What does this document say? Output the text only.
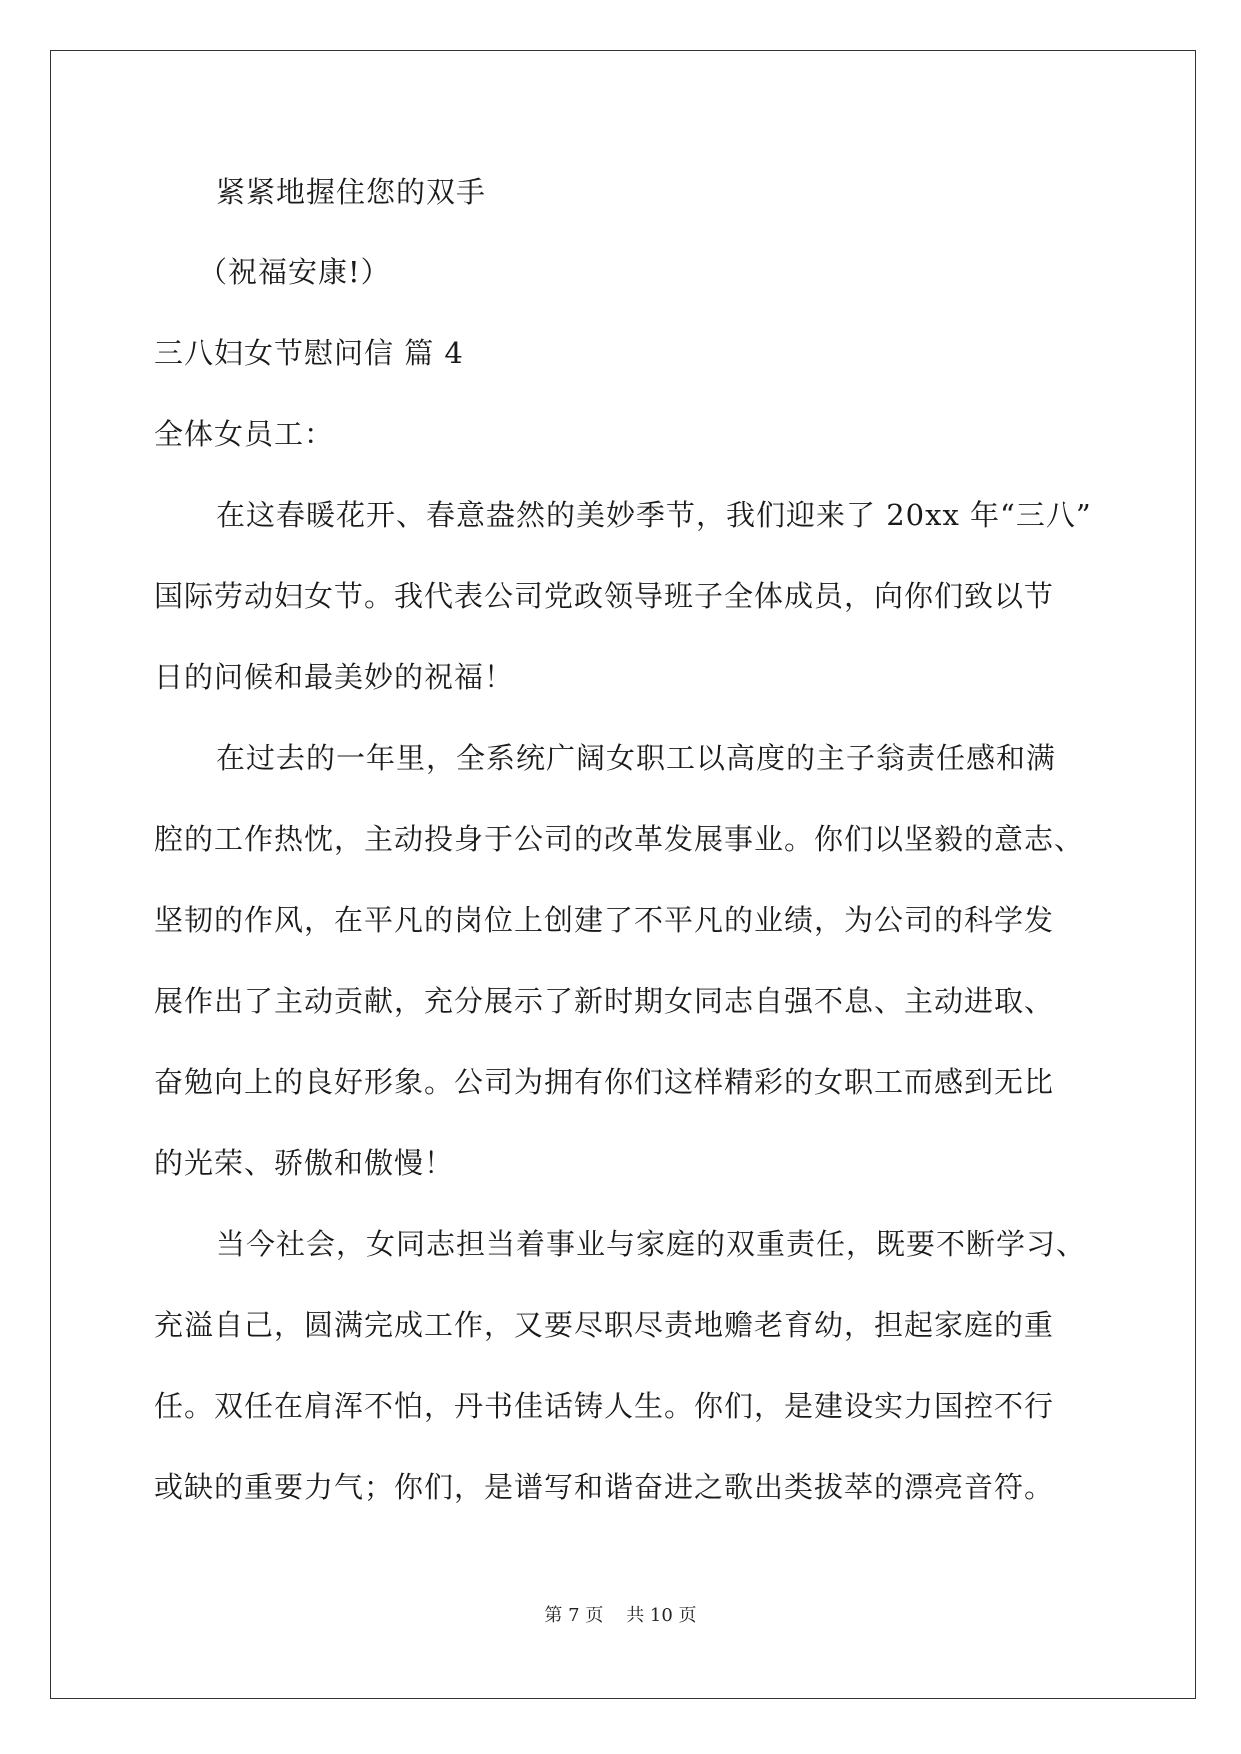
紧紧地握住您的双手
（祝福安康!）
三八妇女节慰问信 篇 4
全体女员工：
在这春暖花开、春意盎然的美妙季节，我们迎来了 20xx 年“三八”
国际劳动妇女节。我代表公司党政领导班子全体成员，向你们致以节
日的问候和最美妙的祝福！
在过去的一年里，全系统广阔女职工以高度的主子翁责任感和满
腔的工作热忱，主动投身于公司的改革发展事业。你们以坚毅的意志、
坚韧的作风，在平凡的岗位上创建了不平凡的业绩，为公司的科学发
展作出了主动贡献，充分展示了新时期女同志自强不息、主动进取、
奋勉向上的良好形象。公司为拥有你们这样精彩的女职工而感到无比
的光荣、骄傲和傲慢！
当今社会，女同志担当着事业与家庭的双重责任，既要不断学习、
充溢自己，圆满完成工作，又要尽职尽责地赡老育幼，担起家庭的重
任。双任在肩浑不怕，丹书佳话铸人生。你们，是建设实力国控不行
或缺的重要力气；你们，是谱写和谐奋进之歌出类拔萃的漂亮音符。
第 7 页    共 10 页
